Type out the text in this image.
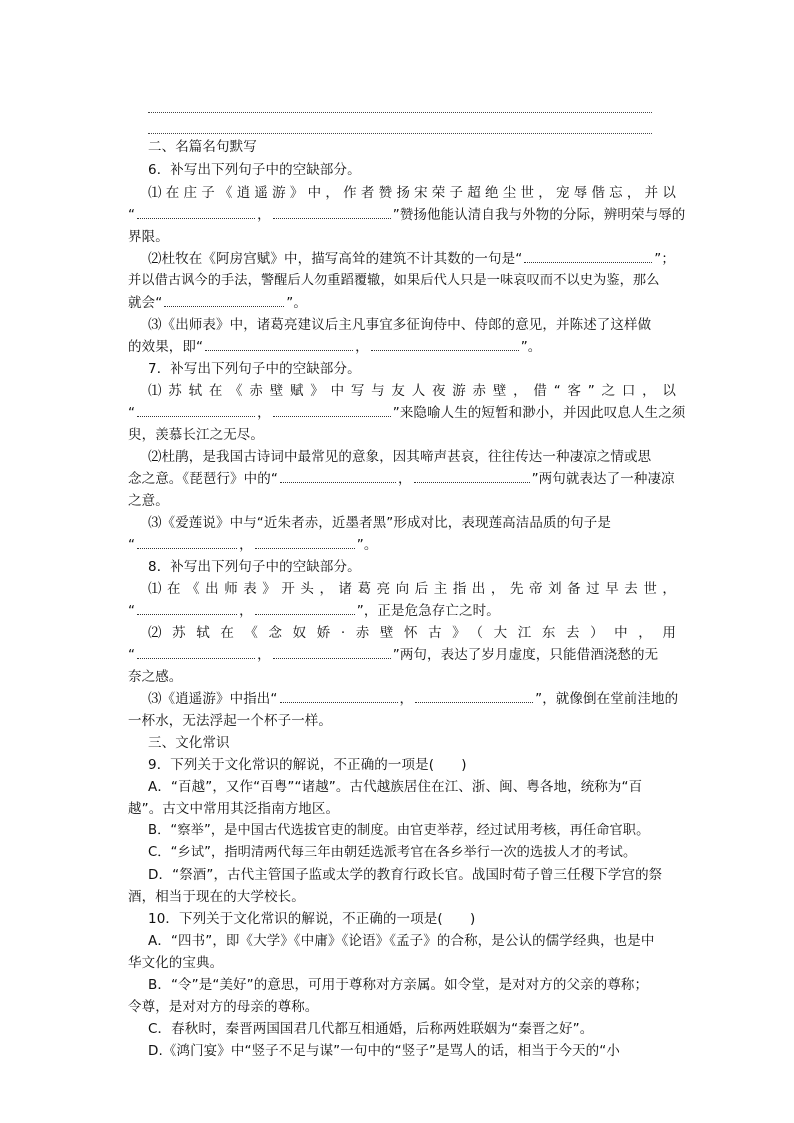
二、名篇名句默写
6．补写出下列句子中的空缺部分。
⑴在庄子《逍遥游》中，作者赞扬宋荣子超绝尘世，宠辱偕忘，并以
“	，	”赞扬他能认清自我与外物的分际，辨明荣与辱的
界限。
⑵杜牧在《阿房宫赋》中，描写高耸的建筑不计其数的一句是“	”；
并以借古讽今的手法，警醒后人勿重蹈覆辙，如果后代人只是一味哀叹而不以史为鉴，那么
就会“	”。
⑶《出师表》中，诸葛亮建议后主凡事宜多征询侍中、侍郎的意见，并陈述了这样做
的效果，即“	，	”。
7．补写出下列句子中的空缺部分。
⑴苏轼在《赤壁赋》中写与友人夜游赤壁，借“客”之口，以
“	，	”来隐喻人生的短暂和渺小，并因此叹息人生之须
臾，羡慕长江之无尽。
⑵杜鹃，是我国古诗词中最常见的意象，因其啼声甚哀，往往传达一种凄凉之情或思
念之意。《琵琶行》中的“	，	”两句就表达了一种凄凉
之意。
⑶《爱莲说》中与“近朱者赤，近墨者黑”形成对比，表现莲高洁品质的句子是
“	，	”。
8．补写出下列句子中的空缺部分。
⑴在《出师表》开头，诸葛亮向后主指出，先帝刘备过早去世，
“	，	”，正是危急存亡之时。
⑵苏轼在《念奴娇·赤壁怀古》（大江东去）中，用
“	，	”两句，表达了岁月虚度，只能借酒浇愁的无
奈之感。
⑶《逍遥游》中指出“	，	”，就像倒在堂前洼地的
一杯水，无法浮起一个杯子一样。
三、文化常识
9．下列关于文化常识的解说，不正确的一项是(　　)
A．“百越”，又作“百粤”“诸越”。古代越族居住在江、浙、闽、粤各地，统称为“百
越”。古文中常用其泛指南方地区。
B．“察举”，是中国古代选拔官吏的制度。由官吏举荐，经过试用考核，再任命官职。
C．“乡试”，指明清两代每三年由朝廷选派考官在各乡举行一次的选拔人才的考试。
D．“祭酒”，古代主管国子监或太学的教育行政长官。战国时荀子曾三任稷下学宫的祭
酒，相当于现在的大学校长。
10．下列关于文化常识的解说，不正确的一项是(　　)
A．“四书”，即《大学》《中庸》《论语》《孟子》的合称，是公认的儒学经典，也是中
华文化的宝典。
B．“令”是“美好”的意思，可用于尊称对方亲属。如令堂，是对对方的父亲的尊称；
令尊，是对对方的母亲的尊称。
C．春秋时，秦晋两国国君几代都互相通婚，后称两姓联姻为“秦晋之好”。
D.《鸿门宴》中“竖子不足与谋”一句中的“竖子”是骂人的话，相当于今天的“小
